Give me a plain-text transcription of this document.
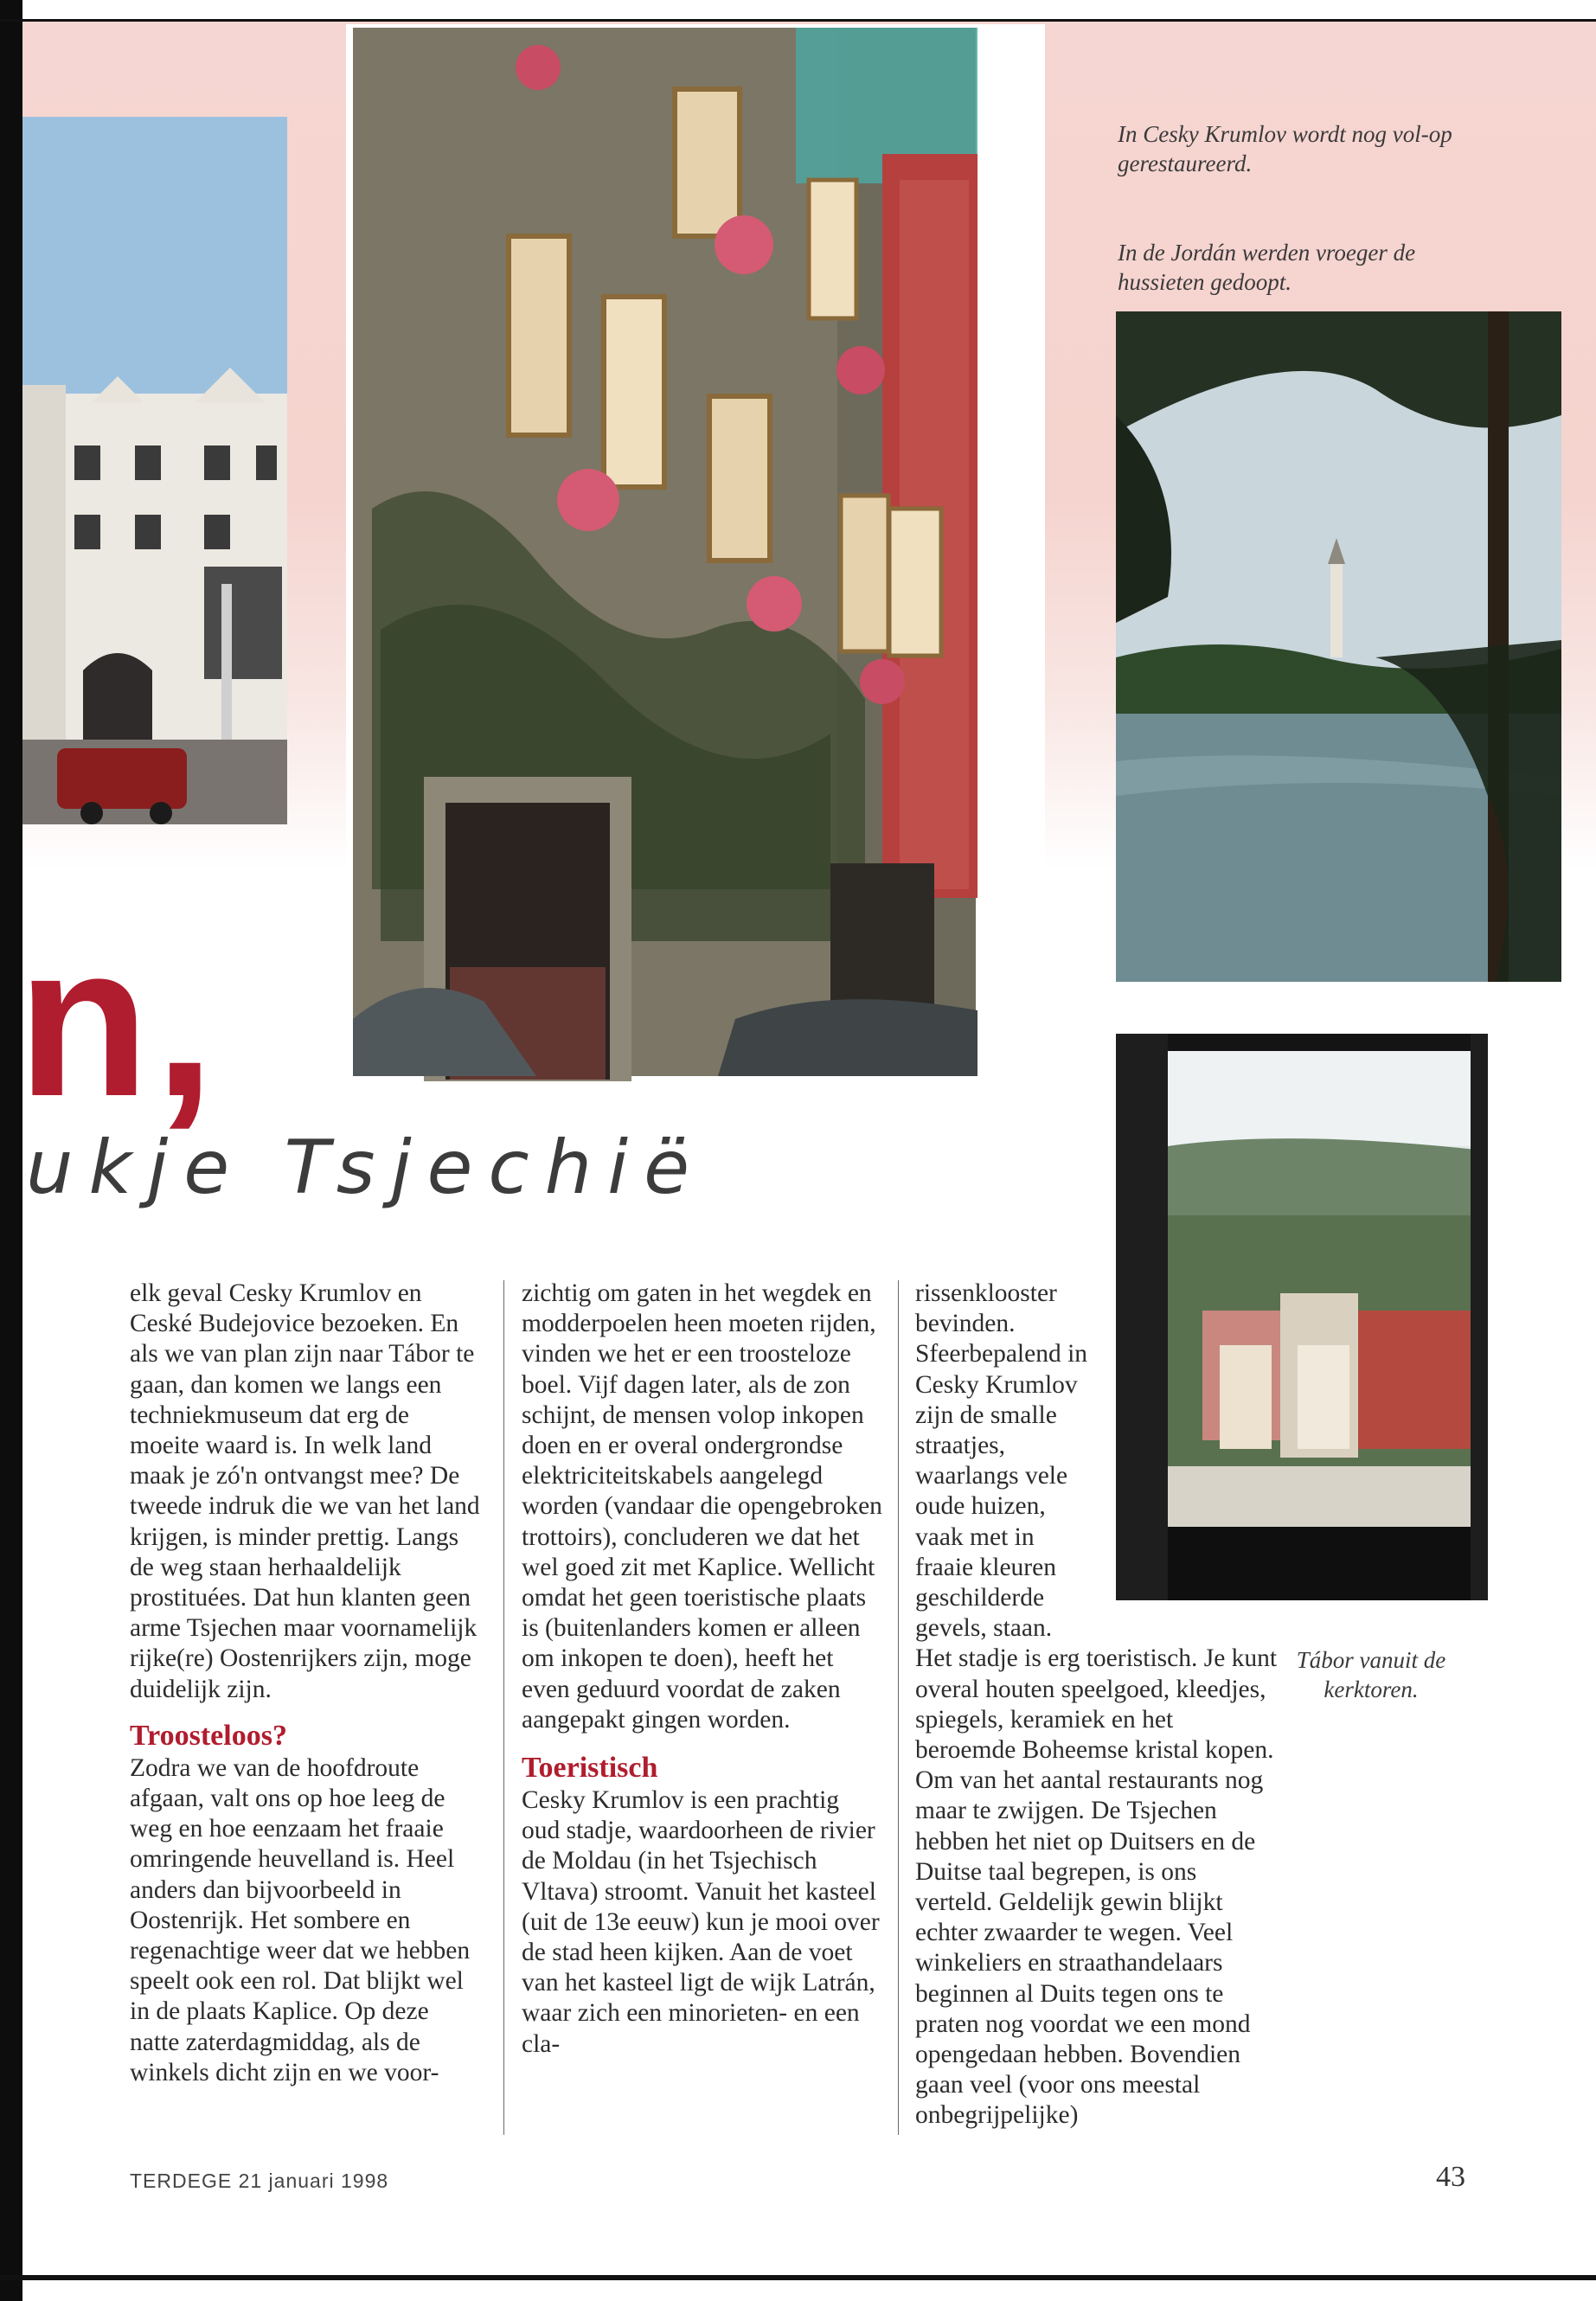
In Cesky Krumlov wordt nog vol-op gerestaureerd.
In de Jordán werden vroeger de hussieten gedoopt.
n,
ukje Tsjechië

elk geval Cesky Krumlov en Ceské Budejovice bezoeken. En als we van plan zijn naar Tábor te gaan, dan komen we langs een techniekmuseum dat erg de moeite waard is. In welk land maak je zó'n ontvangst mee? De tweede indruk die we van het land krijgen, is minder prettig. Langs de weg staan herhaaldelijk prostituées. Dat hun klanten geen arme Tsjechen maar voornamelijk rijke(re) Oostenrijkers zijn, moge duidelijk zijn.

Troosteloos?

Zodra we van de hoofdroute afgaan, valt ons op hoe leeg de weg en hoe eenzaam het fraaie omringende heuvelland is. Heel anders dan bijvoorbeeld in Oostenrijk. Het sombere en regenachtige weer dat we hebben speelt ook een rol. Dat blijkt wel in de plaats Kaplice. Op deze natte zaterdagmiddag, als de winkels dicht zijn en we voor-

zichtig om gaten in het wegdek en modderpoelen heen moeten rijden, vinden we het er een troosteloze boel. Vijf dagen later, als de zon schijnt, de mensen volop inkopen doen en er overal ondergrondse elektriciteitskabels aangelegd worden (vandaar die opengebroken trottoirs), concluderen we dat het wel goed zit met Kaplice. Wellicht omdat het geen toeristische plaats is (buitenlanders komen er alleen om inkopen te doen), heeft het even geduurd voordat de zaken aangepakt gingen worden.

Toeristisch

Cesky Krumlov is een prachtig oud stadje, waardoorheen de rivier de Moldau (in het Tsjechisch Vltava) stroomt. Vanuit het kasteel (uit de 13e eeuw) kun je mooi over de stad heen kijken. Aan de voet van het kasteel ligt de wijk Latrán, waar zich een minorieten- en een cla-

rissenklooster bevinden. Sfeerbepalend in Cesky Krumlov zijn de smalle straatjes, waarlangs vele oude huizen, vaak met in fraaie kleuren geschilderde gevels, staan.

Het stadje is erg toeristisch. Je kunt overal houten speelgoed, kleedjes, spiegels, keramiek en het beroemde Boheemse kristal kopen. Om van het aantal restaurants nog maar te zwijgen. De Tsjechen hebben het niet op Duitsers en de Duitse taal begrepen, is ons verteld. Geldelijk gewin blijkt echter zwaarder te wegen. Veel winkeliers en straathandelaars beginnen al Duits tegen ons te praten nog voordat we een mond opengedaan hebben. Bovendien gaan veel (voor ons meestal onbegrijpelijke)

Tábor vanuit de kerktoren.
TERDEGE 21 januari 1998	43
